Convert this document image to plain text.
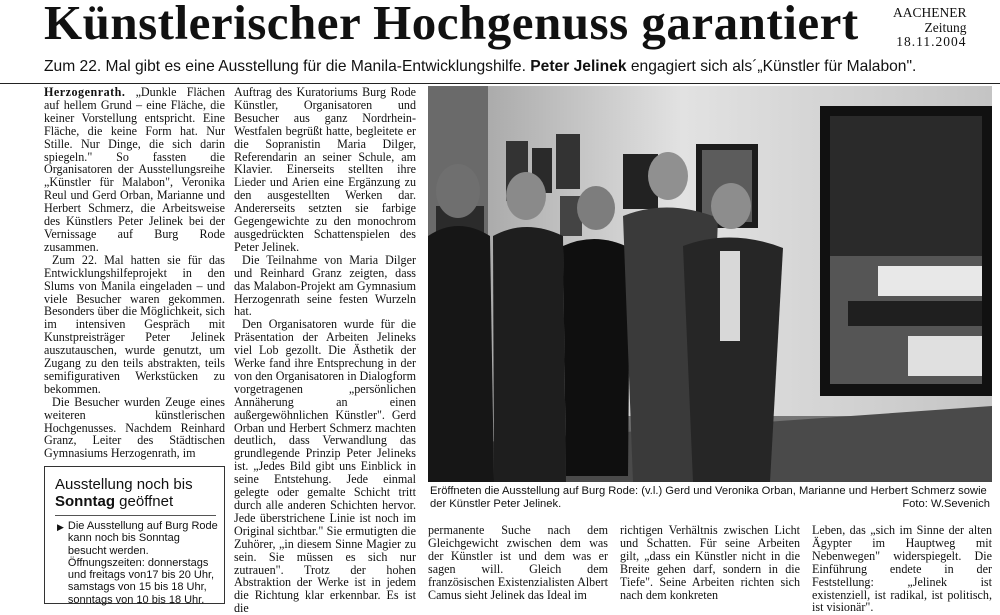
Künstlerischer Hochgenuss garantiert	AACHENER
Zeitung
18.11.2004
Zum 22. Mal gibt es eine Ausstellung für die Manila-Entwicklungshilfe. Peter Jelinek engagiert sich als´„Künstler für Malabon".

Herzogenrath. „Dunkle Flächen auf hellem Grund – eine Fläche, die keiner Vorstellung entspricht. Eine Fläche, die keine Form hat. Nur Stille. Nur Dinge, die sich darin spiegeln." So fassten die Organisatoren der Ausstellungsreihe „Künstler für Malabon", Veronika Reul und Gerd Orban, Marianne und Herbert Schmerz, die Arbeitsweise des Künstlers Peter Jelinek bei der Vernissage auf Burg Rode zusammen.

Zum 22. Mal hatten sie für das Entwicklungshilfeprojekt in den Slums von Manila eingeladen – und viele Besucher waren gekommen. Besonders über die Möglichkeit, sich im intensiven Gespräch mit Kunstpreisträger Peter Jelinek auszutauschen, wurde genutzt, um Zugang zu den teils abstrakten, teils semifigurativen Werkstücken zu bekommen.

Die Besucher wurden Zeuge eines weiteren künstlerischen Hochgenusses. Nachdem Reinhard Granz, Leiter des Städtischen Gymnasiums Herzogenrath, im

Auftrag des Kuratoriums Burg Rode Künstler, Organisatoren und Besucher aus ganz Nordrhein-Westfalen begrüßt hatte, begleitete er die Sopranistin Maria Dilger, Referendarin an seiner Schule, am Klavier. Einerseits stellten ihre Lieder und Arien eine Ergänzung zu den ausgestellten Werken dar. Andererseits setzten sie farbige Gegengewichte zu den monochrom ausgedrückten Schattenspielen des Peter Jelinek.

Die Teilnahme von Maria Dilger und Reinhard Granz zeigten, dass das Malabon-Projekt am Gymnasium Herzogenrath seine festen Wurzeln hat.

Den Organisatoren wurde für die Präsentation der Arbeiten Jelineks viel Lob gezollt. Die Ästhetik der Werke fand ihre Entsprechung in der von den Organisatoren in Dialogform vorgetragenen „persönlichen Annäherung an einen außergewöhnlichen Künstler". Gerd Orban und Herbert Schmerz machten deutlich, dass Verwandlung das grundlegende Prinzip Peter Jelineks ist. „Jedes Bild gibt uns Einblick in seine Entstehung. Jede einmal gelegte oder gemalte Schicht tritt durch alle anderen Schichten hervor. Jede überstrichene Linie ist noch im Original sichtbar." Sie ermutigten die Zuhörer, „in diesem Sinne Magier zu sein. Sie müssen es sich nur zutrauen". Trotz der hohen Abstraktion der Werke ist in jedem die Richtung klar erkennbar. Es ist die

Ausstellung noch bis
Sonntag geöffnet
▶ Die Ausstellung auf Burg Rode kann noch bis Sonntag besucht werden. Öffnungszeiten: donnerstags und freitags von17 bis 20 Uhr, samstags von 15 bis 18 Uhr, sonntags von 10 bis 18 Uhr.
Eröffneten die Ausstellung auf Burg Rode: (v.l.) Gerd und Veronika Orban, Marianne und Herbert Schmerz sowie der Künstler Peter Jelinek.	Foto: W.Sevenich
permanente Suche nach dem Gleichgewicht zwischen dem was der Künstler ist und dem was er sagen will. Gleich dem französischen Existenzialisten Albert Camus sieht Jelinek das Ideal im
richtigen Verhältnis zwischen Licht und Schatten. Für seine Arbeiten gilt, „dass ein Künstler nicht in die Breite gehen darf, sondern in die Tiefe". Seine Arbeiten richten sich nach dem konkreten
Leben, das „sich im Sinne der alten Ägypter im Hauptweg mit Nebenwegen" widerspiegelt. Die Einführung endete in der Feststellung: „Jelinek ist existenziell, ist radikal, ist politisch, ist visionär".
